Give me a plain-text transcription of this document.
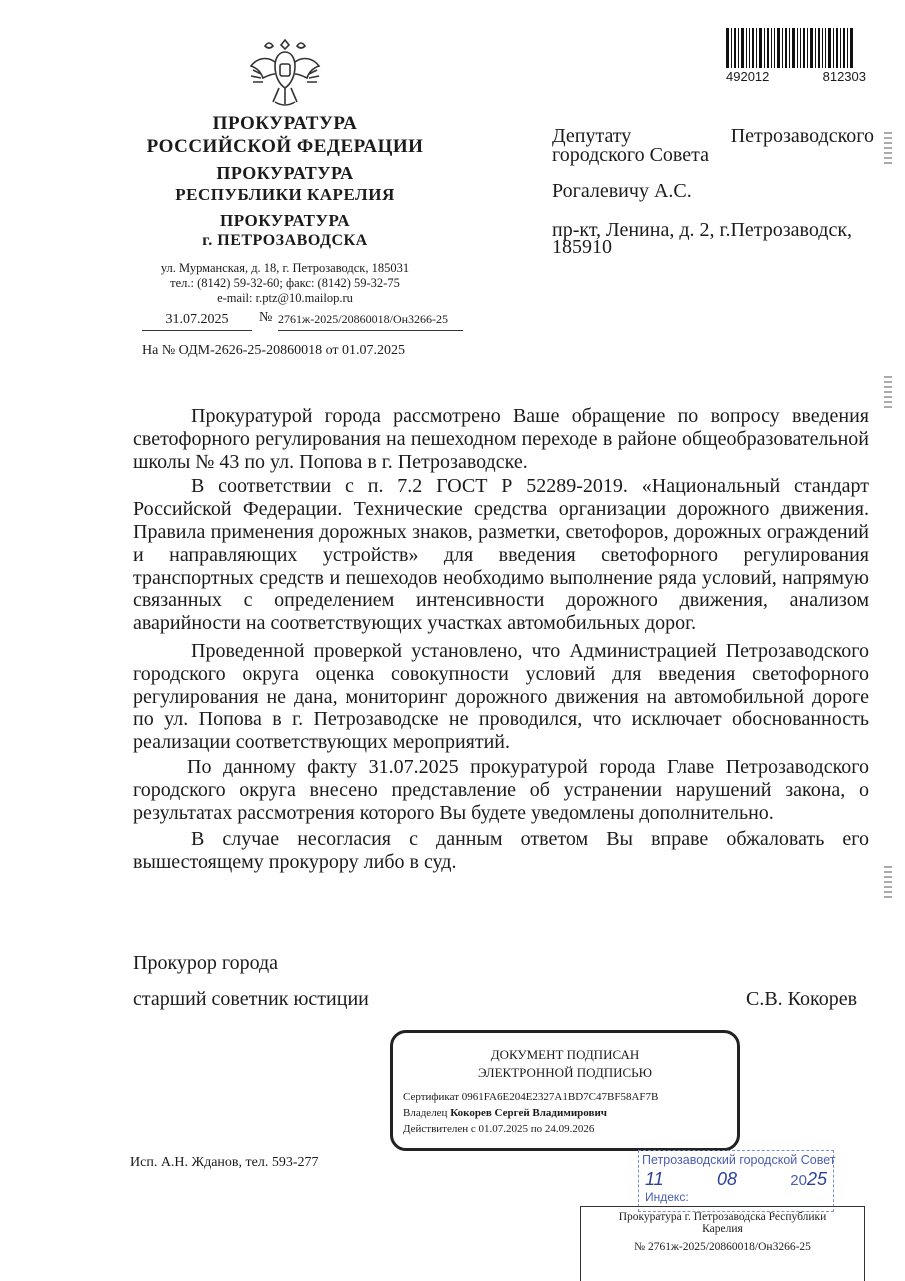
492012	812303
ПРОКУРАТУРА
РОССИЙСКОЙ ФЕДЕРАЦИИ
ПРОКУРАТУРА
РЕСПУБЛИКИ КАРЕЛИЯ
ПРОКУРАТУРА
г. ПЕТРОЗАВОДСКА
ул. Мурманская, д. 18, г. Петрозаводск, 185031
тел.: (8142) 59-32-60; факс: (8142) 59-32-75
e-mail: r.ptz@10.mailop.ru
31.07.2025	№ 2761ж-2025/20860018/Он3266-25
На № ОДМ-2626-25-20860018 от 01.07.2025
Депутату	Петрозаводского
городского Совета
Рогалевичу А.С.
пр-кт, Ленина, д. 2, г.Петрозаводск,
185910

Прокуратурой города рассмотрено Ваше обращение по вопросу введения светофорного регулирования на пешеходном переходе в районе общеобразовательной школы № 43 по ул. Попова в г. Петрозаводске.

В соответствии с п. 7.2 ГОСТ Р 52289-2019. «Национальный стандарт Российской Федерации. Технические средства организации дорожного движения. Правила применения дорожных знаков, разметки, светофоров, дорожных ограждений и направляющих устройств» для введения светофорного регулирования транспортных средств и пешеходов необходимо выполнение ряда условий, напрямую связанных с определением интенсивности дорожного движения, анализом аварийности на соответствующих участках автомобильных дорог.

Проведенной проверкой установлено, что Администрацией Петрозаводского городского округа оценка совокупности условий для введения светофорного регулирования не дана, мониторинг дорожного движения на автомобильной дороге по ул. Попова в г. Петрозаводске не проводился, что исключает обоснованность реализации соответствующих мероприятий.

По данному факту 31.07.2025 прокуратурой города Главе Петрозаводского городского округа внесено представление об устранении нарушений закона, о результатах рассмотрения которого Вы будете уведомлены дополнительно.

В случае несогласия с данным ответом Вы вправе обжаловать его вышестоящему прокурору либо в суд.

Прокурор города
старший советник юстиции	С.В. Кокорев
ДОКУМЕНТ ПОДПИСАН
ЭЛЕКТРОННОЙ ПОДПИСЬЮ
Сертификат 0961FA6E204E2327A1BD7C47BF58AF7B
Владелец Кокорев Сергей Владимирович
Действителен с 01.07.2025 по 24.09.2026
Исп. А.Н. Жданов, тел. 593-277	Петрозаводский городской Совет
11	08	2025
Индекс:
Прокуратура г. Петрозаводска Республики
Карелия
№ 2761ж-2025/20860018/Он3266-25
